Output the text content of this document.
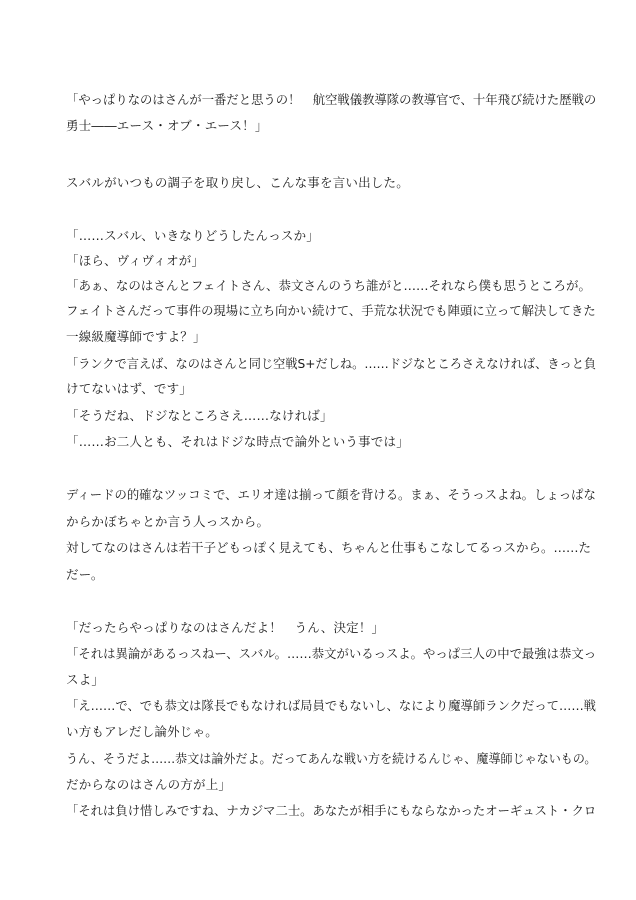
「やっぱりなのはさんが一番だと思うの！　航空戦儀教導隊の教導官で、十年飛び続けた歴戦の
勇士――エース・オブ・エース！」
スバルがいつもの調子を取り戻し、こんな事を言い出した。
「……スバル、いきなりどうしたんっスか」
「ほら、ヴィヴィオが」
「あぁ、なのはさんとフェイトさん、恭文さんのうち誰がと……それなら僕も思うところが。
フェイトさんだって事件の現場に立ち向かい続けて、手荒な状況でも陣頭に立って解決してきた
一線級魔導師ですよ？」
「ランクで言えば、なのはさんと同じ空戦S+だしね。……ドジなところさえなければ、きっと負
けてないはず、です」
「そうだね、ドジなところさえ……なければ」
「……お二人とも、それはドジな時点で論外という事では」
ディードの的確なツッコミで、エリオ達は揃って顔を背ける。まぁ、そうっスよね。しょっぱな
からかぼちゃとか言う人っスから。
対してなのはさんは若干子どもっぽく見えても、ちゃんと仕事もこなしてるっスから。……た
だー。
「だったらやっぱりなのはさんだよ！　うん、決定！」
「それは異論があるっスねー、スバル。……恭文がいるっスよ。やっぱ三人の中で最強は恭文っ
スよ」
「え……で、でも恭文は隊長でもなければ局員でもないし、なにより魔導師ランクだって……戦
い方もアレだし論外じゃ。
うん、そうだよ……恭文は論外だよ。だってあんな戦い方を続けるんじゃ、魔導師じゃないもの。
だからなのはさんの方が上」
「それは負け惜しみですね、ナカジマ二士。あなたが相手にもならなかったオーギュスト・クロ
